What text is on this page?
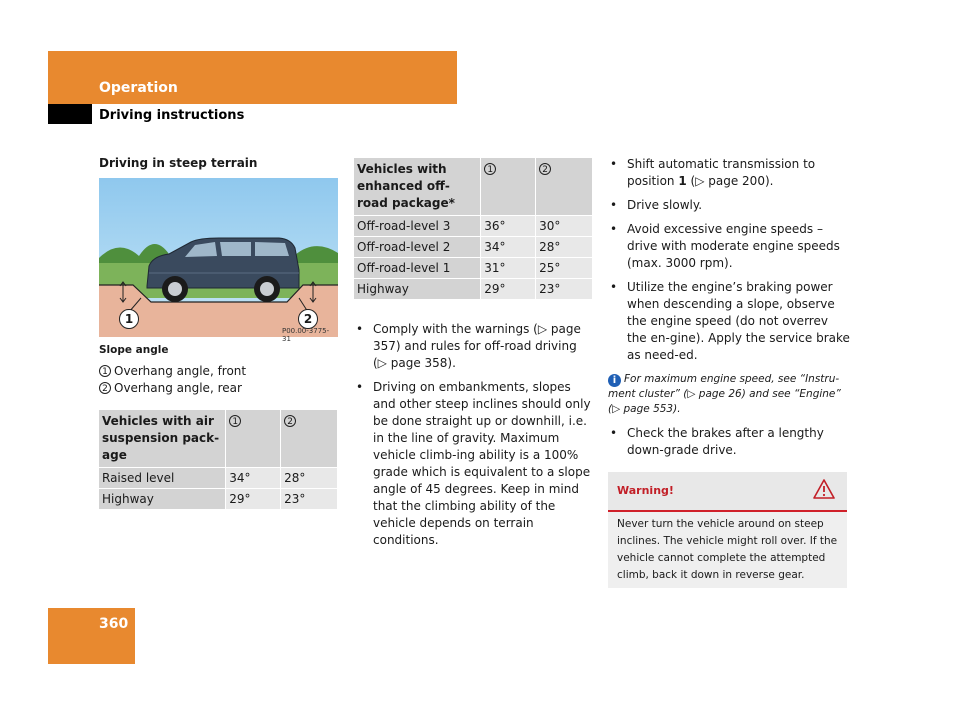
Operation
Driving instructions
Driving in steep terrain
1	2
P00.00-3775-31
Slope angle
1 Overhang angle, front
2 Overhang angle, rear
Vehicles with air suspension pack-age	1	2
Raised level	34°	28°
Highway	29°	23°
Vehicles with enhanced off-road package*	1	2
Off-road-level 3	36°	30°
Off-road-level 2	34°	28°
Off-road-level 1	31°	25°
Highway	29°	23°
• Comply with the warnings (▷ page 357) and rules for off-road driving (▷ page 358).
• Driving on embankments, slopes and other steep inclines should only be done straight up or downhill, i.e. in the line of gravity. Maximum vehicle climb-ing ability is a 100% grade which is equivalent to a slope angle of 45 degrees. Keep in mind that the climbing ability of the vehicle depends on terrain conditions.
• Shift automatic transmission to position 1 (▷ page 200).
• Drive slowly.
• Avoid excessive engine speeds – drive with moderate engine speeds (max. 3000 rpm).
• Utilize the engine’s braking power when descending a slope, observe the engine speed (do not overrev the en-gine). Apply the service brake as need-ed.
i For maximum engine speed, see “Instru-ment cluster” (▷ page 26) and see “Engine” (▷ page 553).
• Check the brakes after a lengthy down-grade drive.
Warning!
Never turn the vehicle around on steep inclines. The vehicle might roll over. If the vehicle cannot complete the attempted climb, back it down in reverse gear.
360
